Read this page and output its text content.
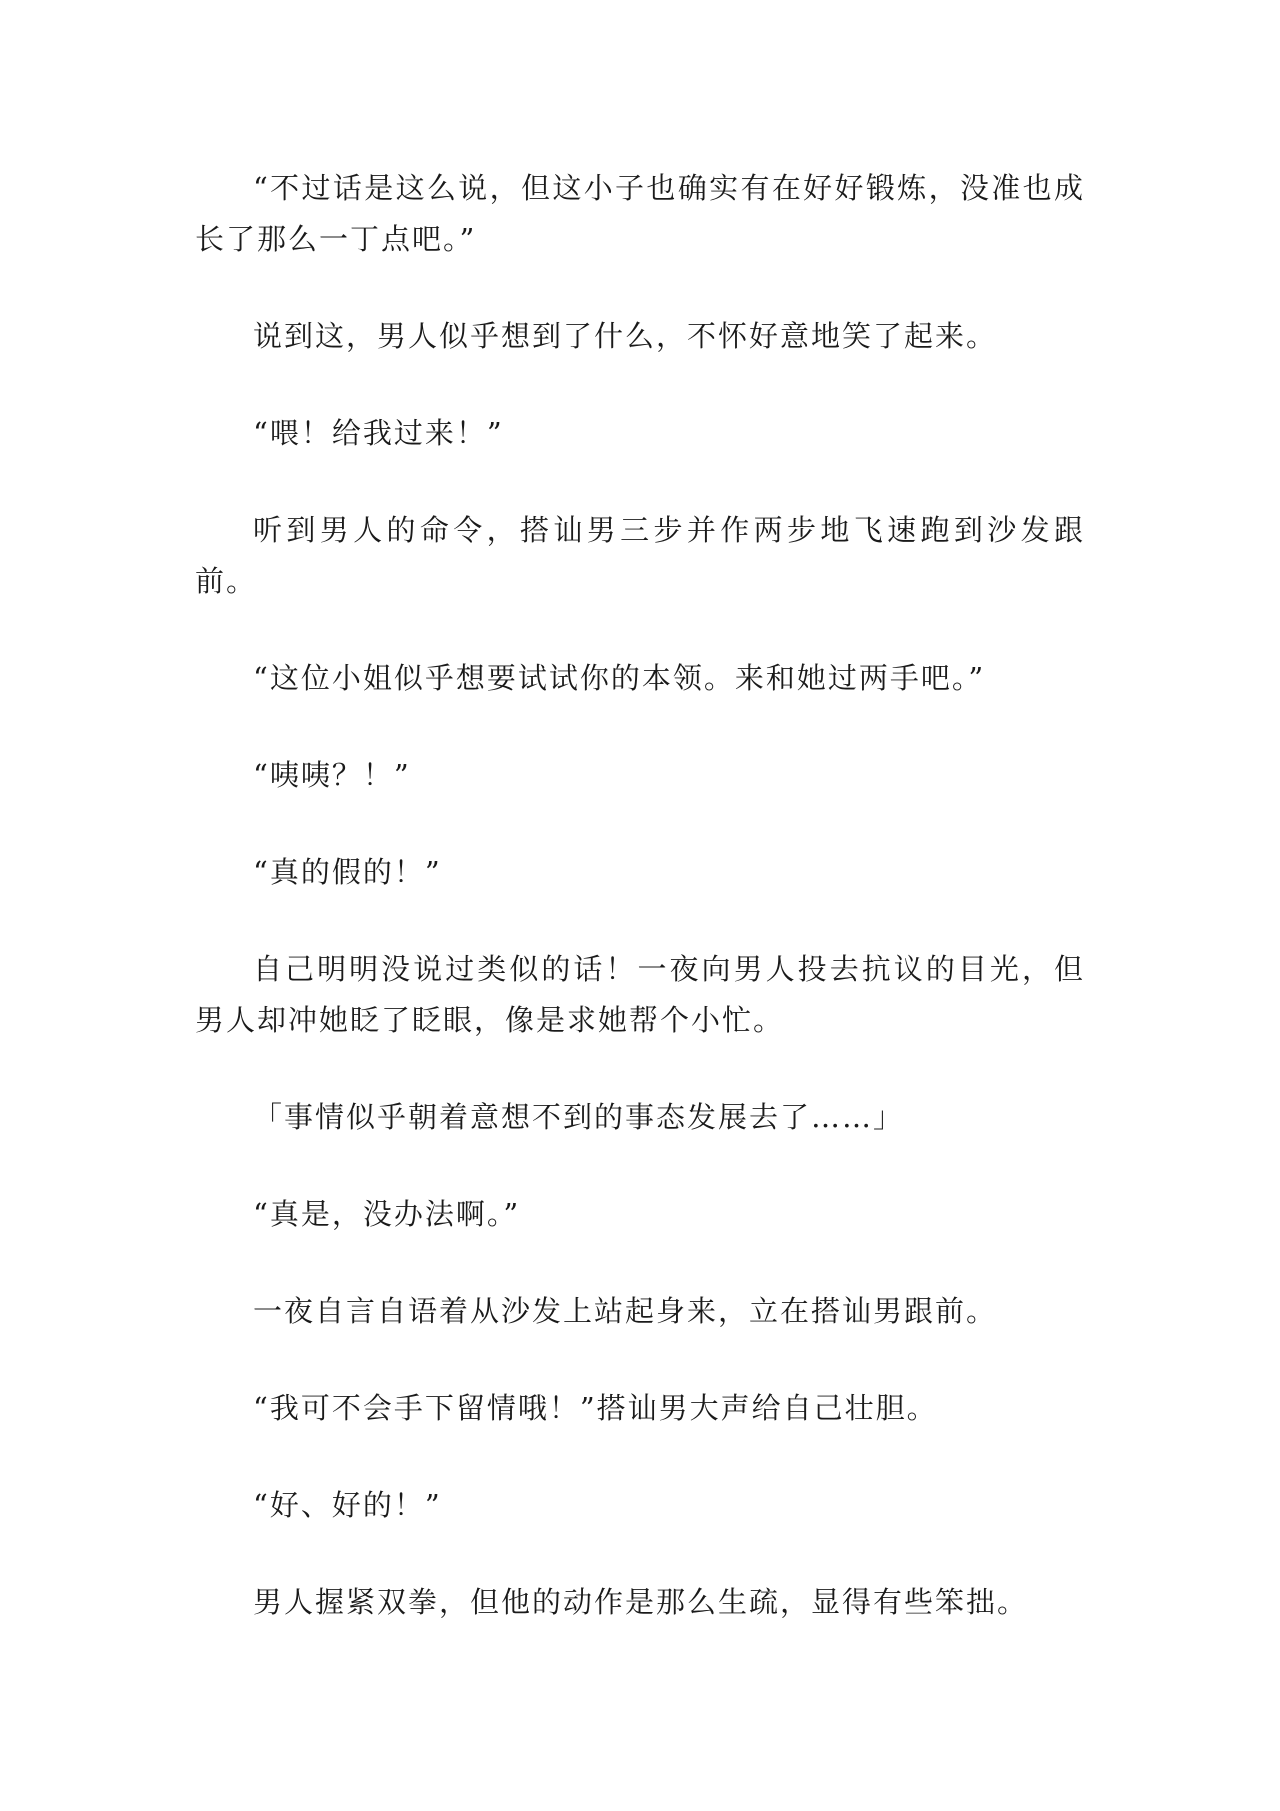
“不过话是这么说，但这小子也确实有在好好锻炼，没准也成长了那么一丁点吧。”

说到这，男人似乎想到了什么，不怀好意地笑了起来。

“喂！给我过来！”

听到男人的命令，搭讪男三步并作两步地飞速跑到沙发跟前。

“这位小姐似乎想要试试你的本领。来和她过两手吧。”

“咦咦？！”

“真的假的！”

自己明明没说过类似的话！一夜向男人投去抗议的目光，但男人却冲她眨了眨眼，像是求她帮个小忙。

「事情似乎朝着意想不到的事态发展去了……」

“真是，没办法啊。”

一夜自言自语着从沙发上站起身来，立在搭讪男跟前。

“我可不会手下留情哦！”搭讪男大声给自己壮胆。

“好、好的！”

男人握紧双拳，但他的动作是那么生疏，显得有些笨拙。
